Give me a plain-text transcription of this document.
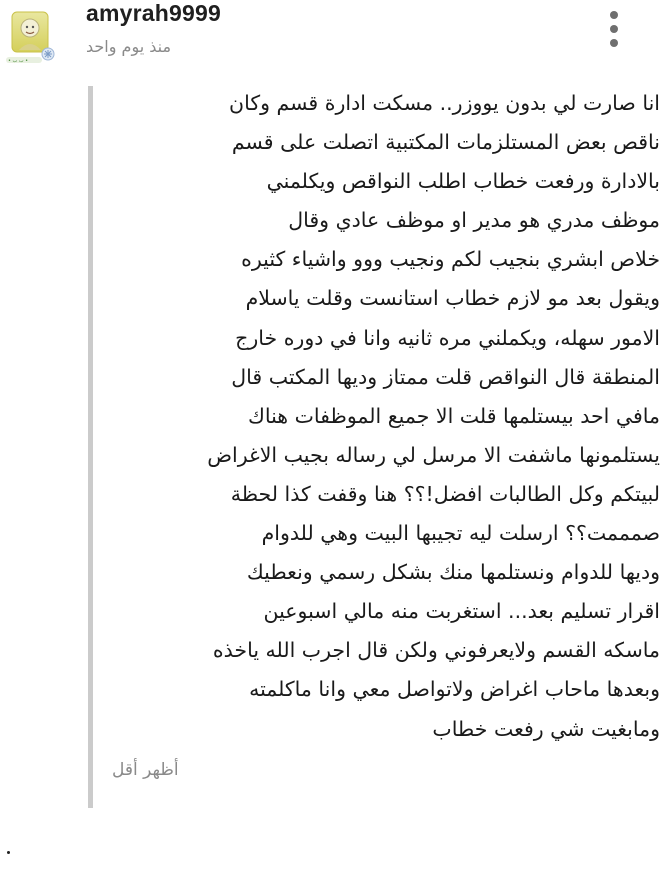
• ب ب •
amyrah9999
منذ يوم واحد
انا صارت لي بدون يووزر.. مسكت ادارة قسم وكان
ناقص بعض المستلزمات المكتبية اتصلت على قسم
بالادارة ورفعت خطاب اطلب النواقص ويكلمني
موظف مدري هو مدير او موظف عادي وقال
خلاص ابشري بنجيب لكم ونجيب ووو واشياء كثيره
ويقول بعد مو لازم خطاب استانست وقلت ياسلام
الامور سهله، ويكملني مره ثانيه وانا في دوره خارج
المنطقة قال النواقص قلت ممتاز وديها المكتب قال
مافي احد بيستلمها قلت الا جميع الموظفات هناك
يستلمونها ماشفت الا مرسل لي رساله بجيب الاغراض
لبيتكم وكل الطالبات افضل!؟؟ هنا وقفت كذا لحظة
صمممت؟؟ ارسلت ليه تجيبها البيت وهي للدوام
وديها للدوام ونستلمها منك بشكل رسمي ونعطيك
اقرار تسليم بعد... استغربت منه مالي اسبوعين
ماسكه القسم ولايعرفوني ولكن قال اجرب الله ياخذه
وبعدها ماحاب اغراض ولاتواصل معي وانا ماكلمته
ومابغيت شي رفعت خطاب
أظهر أقل
